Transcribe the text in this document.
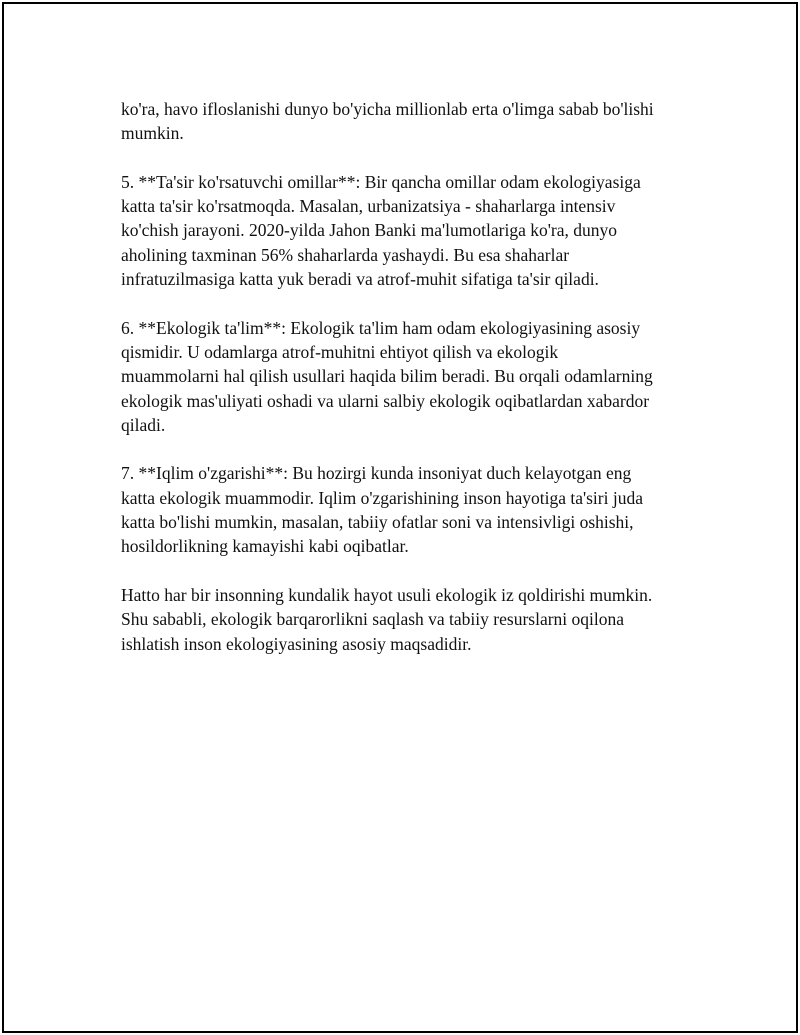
ko'ra, havo ifloslanishi dunyo bo'yicha millionlab erta o'limga sabab bo'lishi
mumkin.

5. **Ta'sir ko'rsatuvchi omillar**: Bir qancha omillar odam ekologiyasiga
katta ta'sir ko'rsatmoqda. Masalan, urbanizatsiya - shaharlarga intensiv
ko'chish jarayoni. 2020-yilda Jahon Banki ma'lumotlariga ko'ra, dunyo
aholining taxminan 56% shaharlarda yashaydi. Bu esa shaharlar
infratuzilmasiga katta yuk beradi va atrof-muhit sifatiga ta'sir qiladi.

6. **Ekologik ta'lim**: Ekologik ta'lim ham odam ekologiyasining asosiy
qismidir. U odamlarga atrof-muhitni ehtiyot qilish va ekologik
muammolarni hal qilish usullari haqida bilim beradi. Bu orqali odamlarning
ekologik mas'uliyati oshadi va ularni salbiy ekologik oqibatlardan xabardor
qiladi.

7. **Iqlim o'zgarishi**: Bu hozirgi kunda insoniyat duch kelayotgan eng
katta ekologik muammodir. Iqlim o'zgarishining inson hayotiga ta'siri juda
katta bo'lishi mumkin, masalan, tabiiy ofatlar soni va intensivligi oshishi,
hosildorlikning kamayishi kabi oqibatlar.

Hatto har bir insonning kundalik hayot usuli ekologik iz qoldirishi mumkin.
Shu sababli, ekologik barqarorlikni saqlash va tabiiy resurslarni oqilona
ishlatish inson ekologiyasining asosiy maqsadidir.
